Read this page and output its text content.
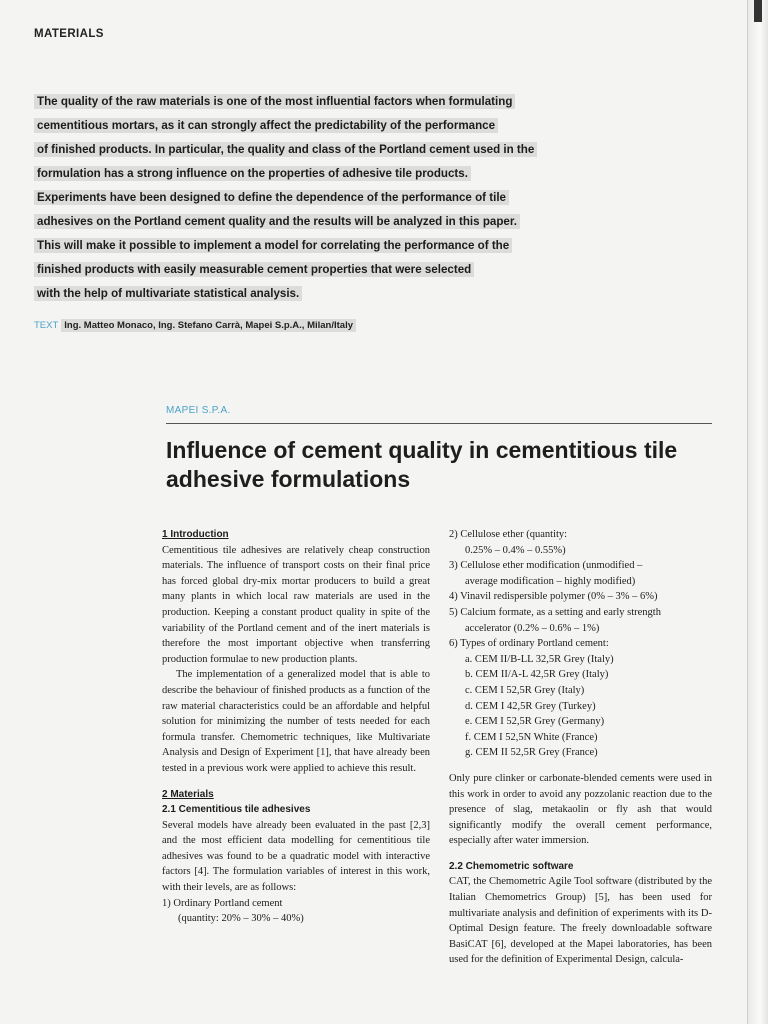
MATERIALS
The quality of the raw materials is one of the most influential factors when formulating
cementitious mortars, as it can strongly affect the predictability of the performance
of finished products. In particular, the quality and class of the Portland cement used in the
formulation has a strong influence on the properties of adhesive tile products.
Experiments have been designed to define the dependence of the performance of tile
adhesives on the Portland cement quality and the results will be analyzed in this paper.
This will make it possible to implement a model for correlating the performance of the
finished products with easily measurable cement properties that were selected
with the help of multivariate statistical analysis.
TEXT Ing. Matteo Monaco, Ing. Stefano Carrà, Mapei S.p.A., Milan/Italy
MAPEI S.P.A.
Influence of cement quality in cementitious tile adhesive formulations
1 Introduction
Cementitious tile adhesives are relatively cheap construction materials. The influence of transport costs on their final price has forced global dry-mix mortar producers to build a great many plants in which local raw materials are used in the production. Keeping a constant product quality in spite of the variability of the Portland cement and of the inert materials is therefore the most important objective when transferring production formulae to new production plants.
The implementation of a generalized model that is able to describe the behaviour of finished products as a function of the raw material characteristics could be an affordable and helpful solution for minimizing the number of tests needed for each formula transfer. Chemometric techniques, like Multivariate Analysis and Design of Experiment [1], that have already been tested in a previous work were applied to achieve this result.
2 Materials
2.1 Cementitious tile adhesives
Several models have already been evaluated in the past [2,3] and the most efficient data modelling for cementitious tile adhesives was found to be a quadratic model with interactive factors [4]. The formulation variables of interest in this work, with their levels, are as follows:
1) Ordinary Portland cement
(quantity: 20% – 30% – 40%)
2) Cellulose ether (quantity:
0.25% – 0.4% – 0.55%)
3) Cellulose ether modification (unmodified –
average modification – highly modified)
4) Vinavil redispersible polymer (0% – 3% – 6%)
5) Calcium formate, as a setting and early strength
accelerator (0.2% – 0.6% – 1%)
6) Types of ordinary Portland cement:
a. CEM II/B-LL 32,5R Grey (Italy)
b. CEM II/A-L 42,5R Grey (Italy)
c. CEM I 52,5R Grey (Italy)
d. CEM I 42,5R Grey (Turkey)
e. CEM I 52,5R Grey (Germany)
f. CEM I 52,5N White (France)
g. CEM II 52,5R Grey (France)
Only pure clinker or carbonate-blended cements were used in this work in order to avoid any pozzolanic reaction due to the presence of slag, metakaolin or fly ash that would significantly modify the overall cement performance, especially after water immersion.
2.2 Chemometric software
CAT, the Chemometric Agile Tool software (distributed by the Italian Chemometrics Group) [5], has been used for multivariate analysis and definition of experiments with its D-Optimal Design feature. The freely downloadable software BasiCAT [6], developed at the Mapei laboratories, has been used for the definition of Experimental Design, calcula-
